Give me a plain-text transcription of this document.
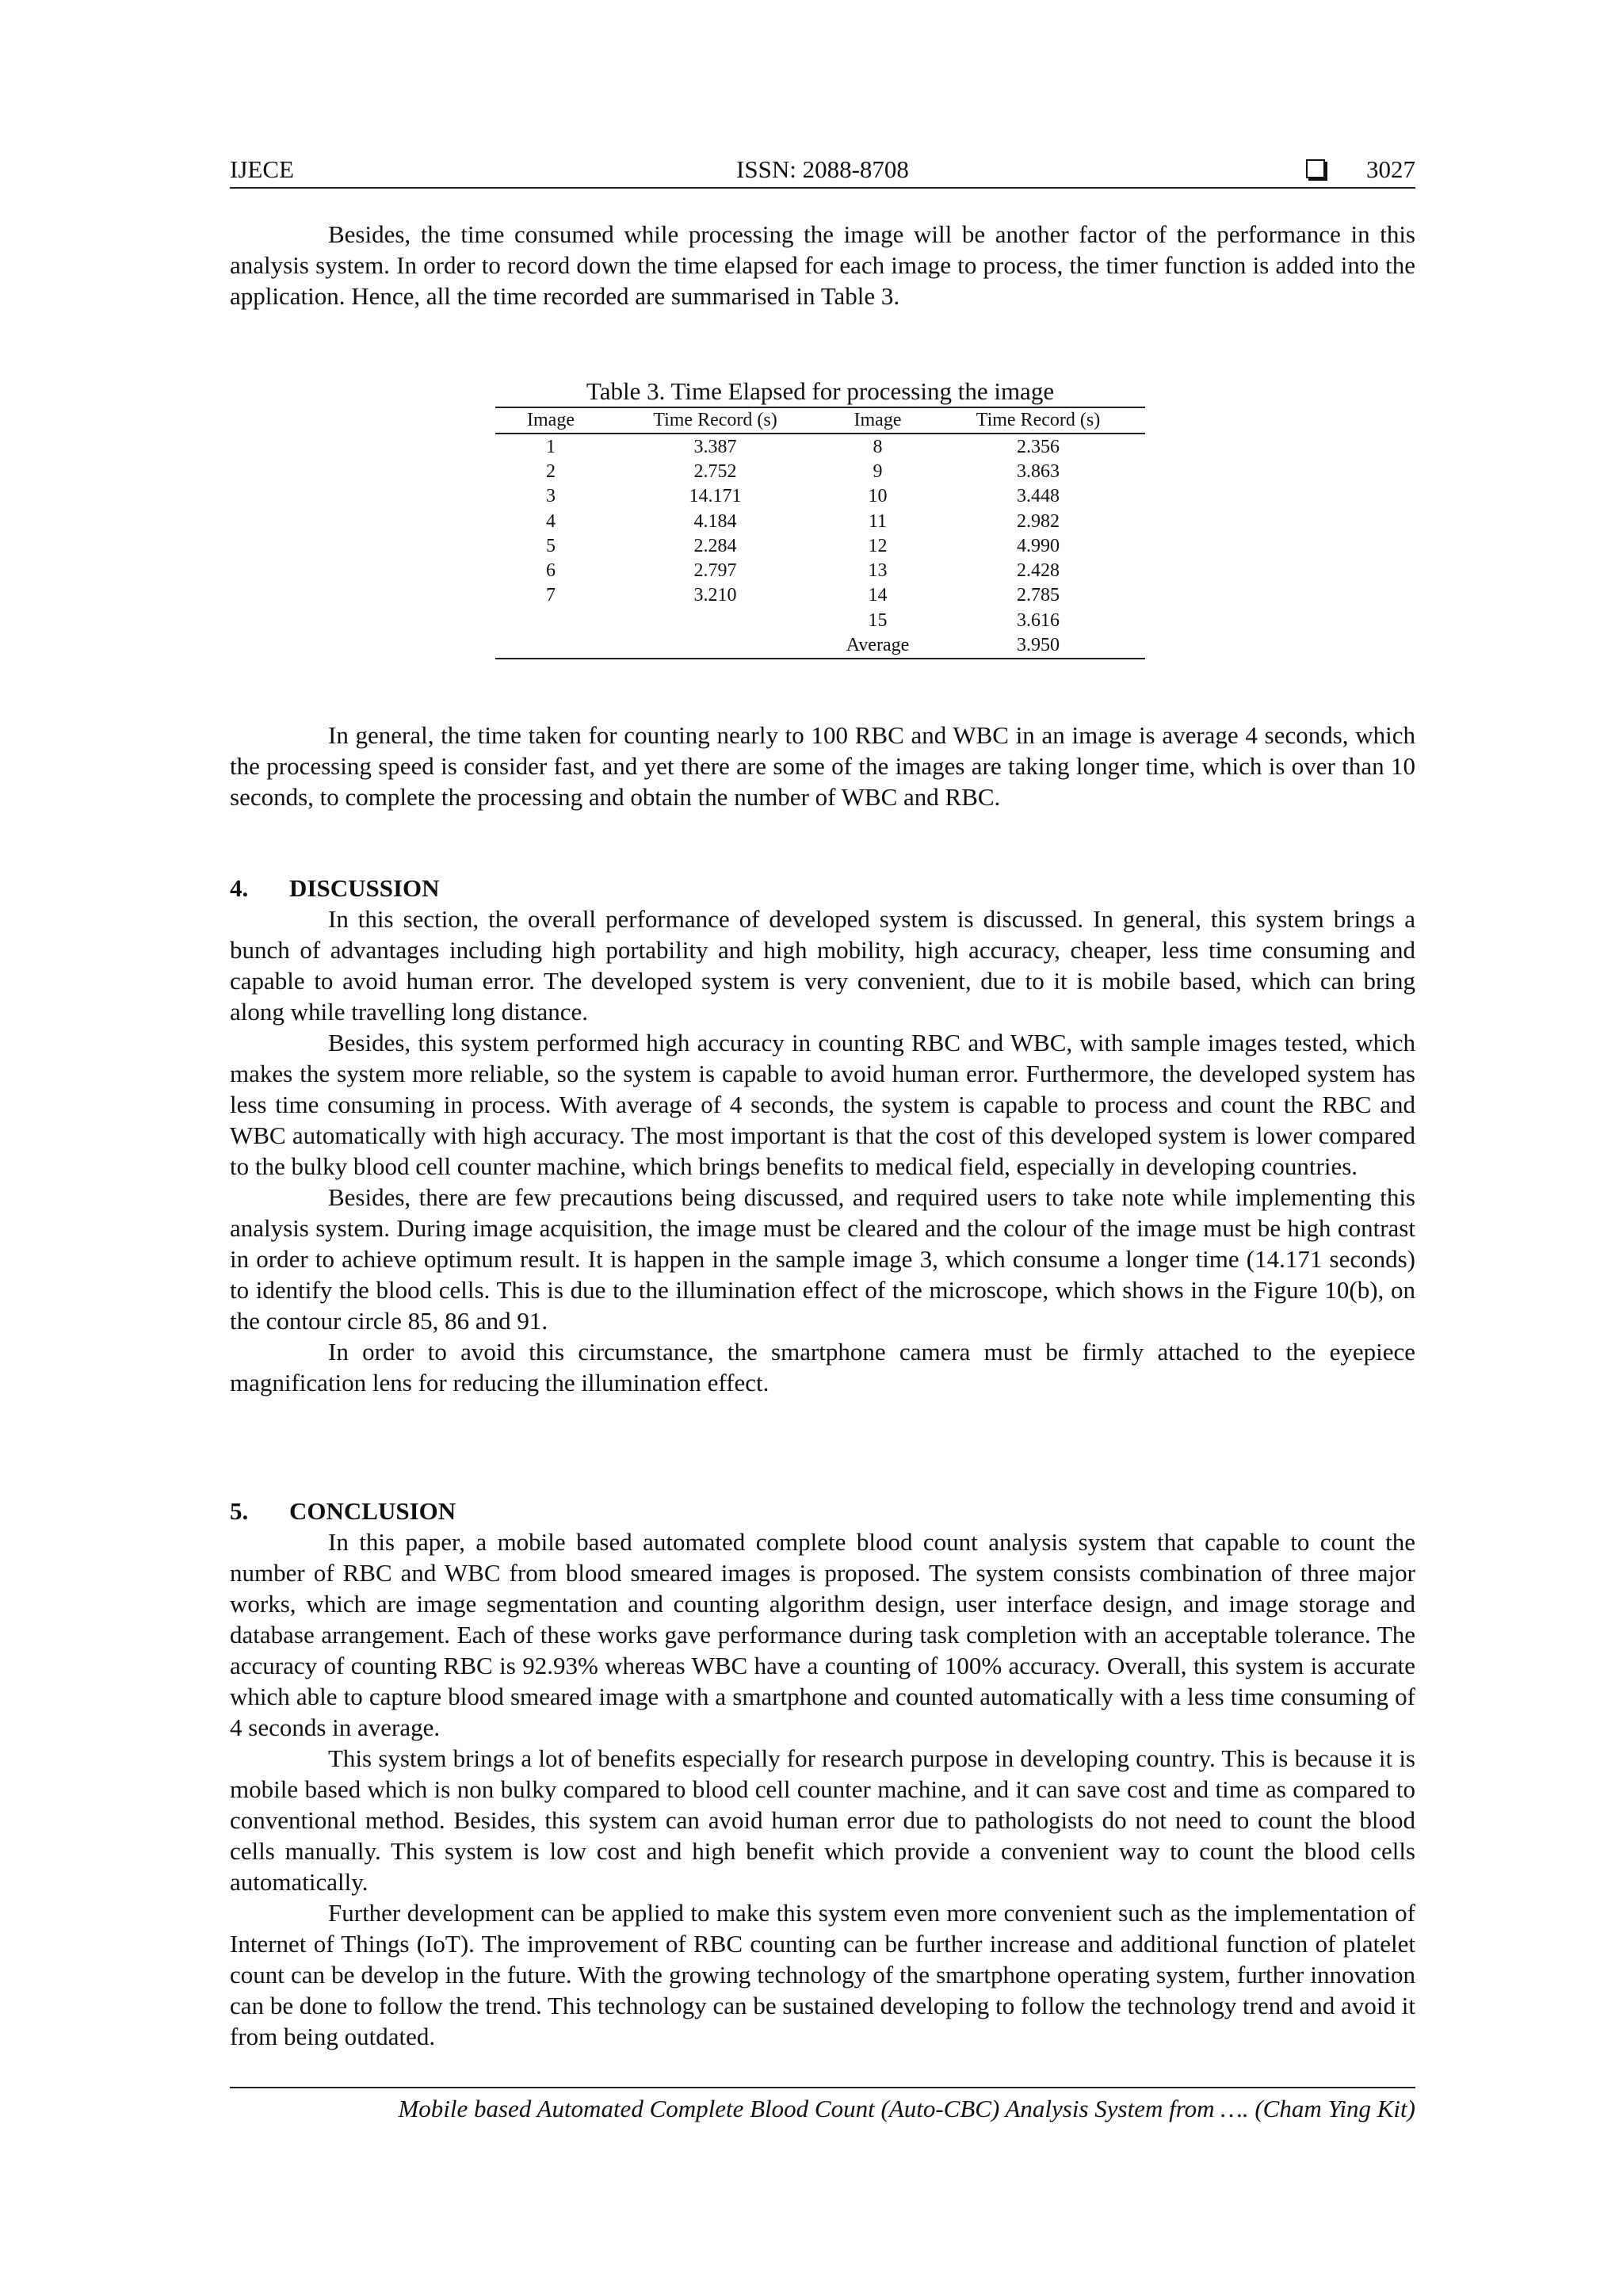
IJECE	ISSN: 2088-8708	3027

Besides, the time consumed while processing the image will be another factor of the performance in this analysis system. In order to record down the time elapsed for each image to process, the timer function is added into the application. Hence, all the time recorded are summarised in Table 3.

Table 3. Time Elapsed for processing the image
Image	Time Record (s)	Image	Time Record (s)
1	3.387	8	2.356
2	2.752	9	3.863
3	14.171	10	3.448
4	4.184	11	2.982
5	2.284	12	4.990
6	2.797	13	2.428
7	3.210	14	2.785
		15	3.616
		Average	3.950

In general, the time taken for counting nearly to 100 RBC and WBC in an image is average 4 seconds, which the processing speed is consider fast, and yet there are some of the images are taking longer time, which is over than 10 seconds, to complete the processing and obtain the number of WBC and RBC.

4. DISCUSSION

In this section, the overall performance of developed system is discussed. In general, this system brings a bunch of advantages including high portability and high mobility, high accuracy, cheaper, less time consuming and capable to avoid human error. The developed system is very convenient, due to it is mobile based, which can bring along while travelling long distance.

Besides, this system performed high accuracy in counting RBC and WBC, with sample images tested, which makes the system more reliable, so the system is capable to avoid human error. Furthermore, the developed system has less time consuming in process. With average of 4 seconds, the system is capable to process and count the RBC and WBC automatically with high accuracy. The most important is that the cost of this developed system is lower compared to the bulky blood cell counter machine, which brings benefits to medical field, especially in developing countries.

Besides, there are few precautions being discussed, and required users to take note while implementing this analysis system. During image acquisition, the image must be cleared and the colour of the image must be high contrast in order to achieve optimum result. It is happen in the sample image 3, which consume a longer time (14.171 seconds) to identify the blood cells. This is due to the illumination effect of the microscope, which shows in the Figure 10(b), on the contour circle 85, 86 and 91.

In order to avoid this circumstance, the smartphone camera must be firmly attached to the eyepiece magnification lens for reducing the illumination effect.

5. CONCLUSION

In this paper, a mobile based automated complete blood count analysis system that capable to count the number of RBC and WBC from blood smeared images is proposed. The system consists combination of three major works, which are image segmentation and counting algorithm design, user interface design, and image storage and database arrangement. Each of these works gave performance during task completion with an acceptable tolerance. The accuracy of counting RBC is 92.93% whereas WBC have a counting of 100% accuracy. Overall, this system is accurate which able to capture blood smeared image with a smartphone and counted automatically with a less time consuming of 4 seconds in average.

This system brings a lot of benefits especially for research purpose in developing country. This is because it is mobile based which is non bulky compared to blood cell counter machine, and it can save cost and time as compared to conventional method. Besides, this system can avoid human error due to pathologists do not need to count the blood cells manually. This system is low cost and high benefit which provide a convenient way to count the blood cells automatically.

Further development can be applied to make this system even more convenient such as the implementation of Internet of Things (IoT). The improvement of RBC counting can be further increase and additional function of platelet count can be develop in the future. With the growing technology of the smartphone operating system, further innovation can be done to follow the trend. This technology can be sustained developing to follow the technology trend and avoid it from being outdated.

Mobile based Automated Complete Blood Count (Auto-CBC) Analysis System from …. (Cham Ying Kit)
